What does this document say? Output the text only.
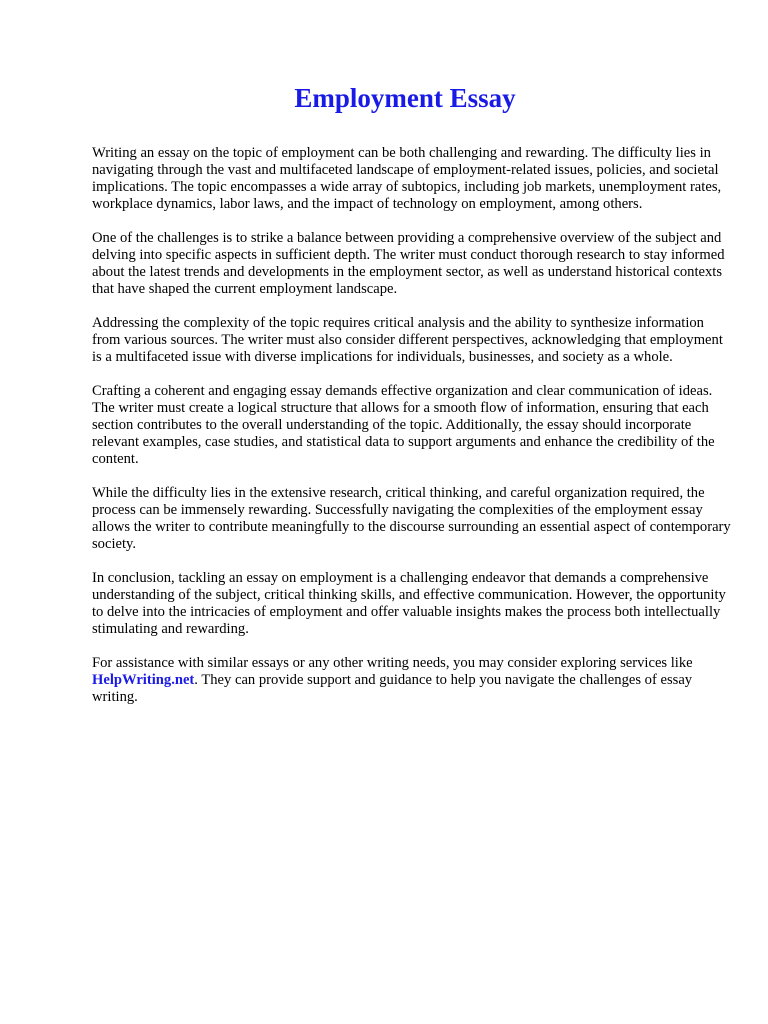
Employment Essay

Writing an essay on the topic of employment can be both challenging and rewarding. The difficulty lies in navigating through the vast and multifaceted landscape of employment-related issues, policies, and societal implications. The topic encompasses a wide array of subtopics, including job markets, unemployment rates, workplace dynamics, labor laws, and the impact of technology on employment, among others.

One of the challenges is to strike a balance between providing a comprehensive overview of the subject and delving into specific aspects in sufficient depth. The writer must conduct thorough research to stay informed about the latest trends and developments in the employment sector, as well as understand historical contexts that have shaped the current employment landscape.

Addressing the complexity of the topic requires critical analysis and the ability to synthesize information from various sources. The writer must also consider different perspectives, acknowledging that employment is a multifaceted issue with diverse implications for individuals, businesses, and society as a whole.

Crafting a coherent and engaging essay demands effective organization and clear communication of ideas. The writer must create a logical structure that allows for a smooth flow of information, ensuring that each section contributes to the overall understanding of the topic. Additionally, the essay should incorporate relevant examples, case studies, and statistical data to support arguments and enhance the credibility of the content.

While the difficulty lies in the extensive research, critical thinking, and careful organization required, the process can be immensely rewarding. Successfully navigating the complexities of the employment essay allows the writer to contribute meaningfully to the discourse surrounding an essential aspect of contemporary society.

In conclusion, tackling an essay on employment is a challenging endeavor that demands a comprehensive understanding of the subject, critical thinking skills, and effective communication. However, the opportunity to delve into the intricacies of employment and offer valuable insights makes the process both intellectually stimulating and rewarding.

For assistance with similar essays or any other writing needs, you may consider exploring services like HelpWriting.net. They can provide support and guidance to help you navigate the challenges of essay writing.
